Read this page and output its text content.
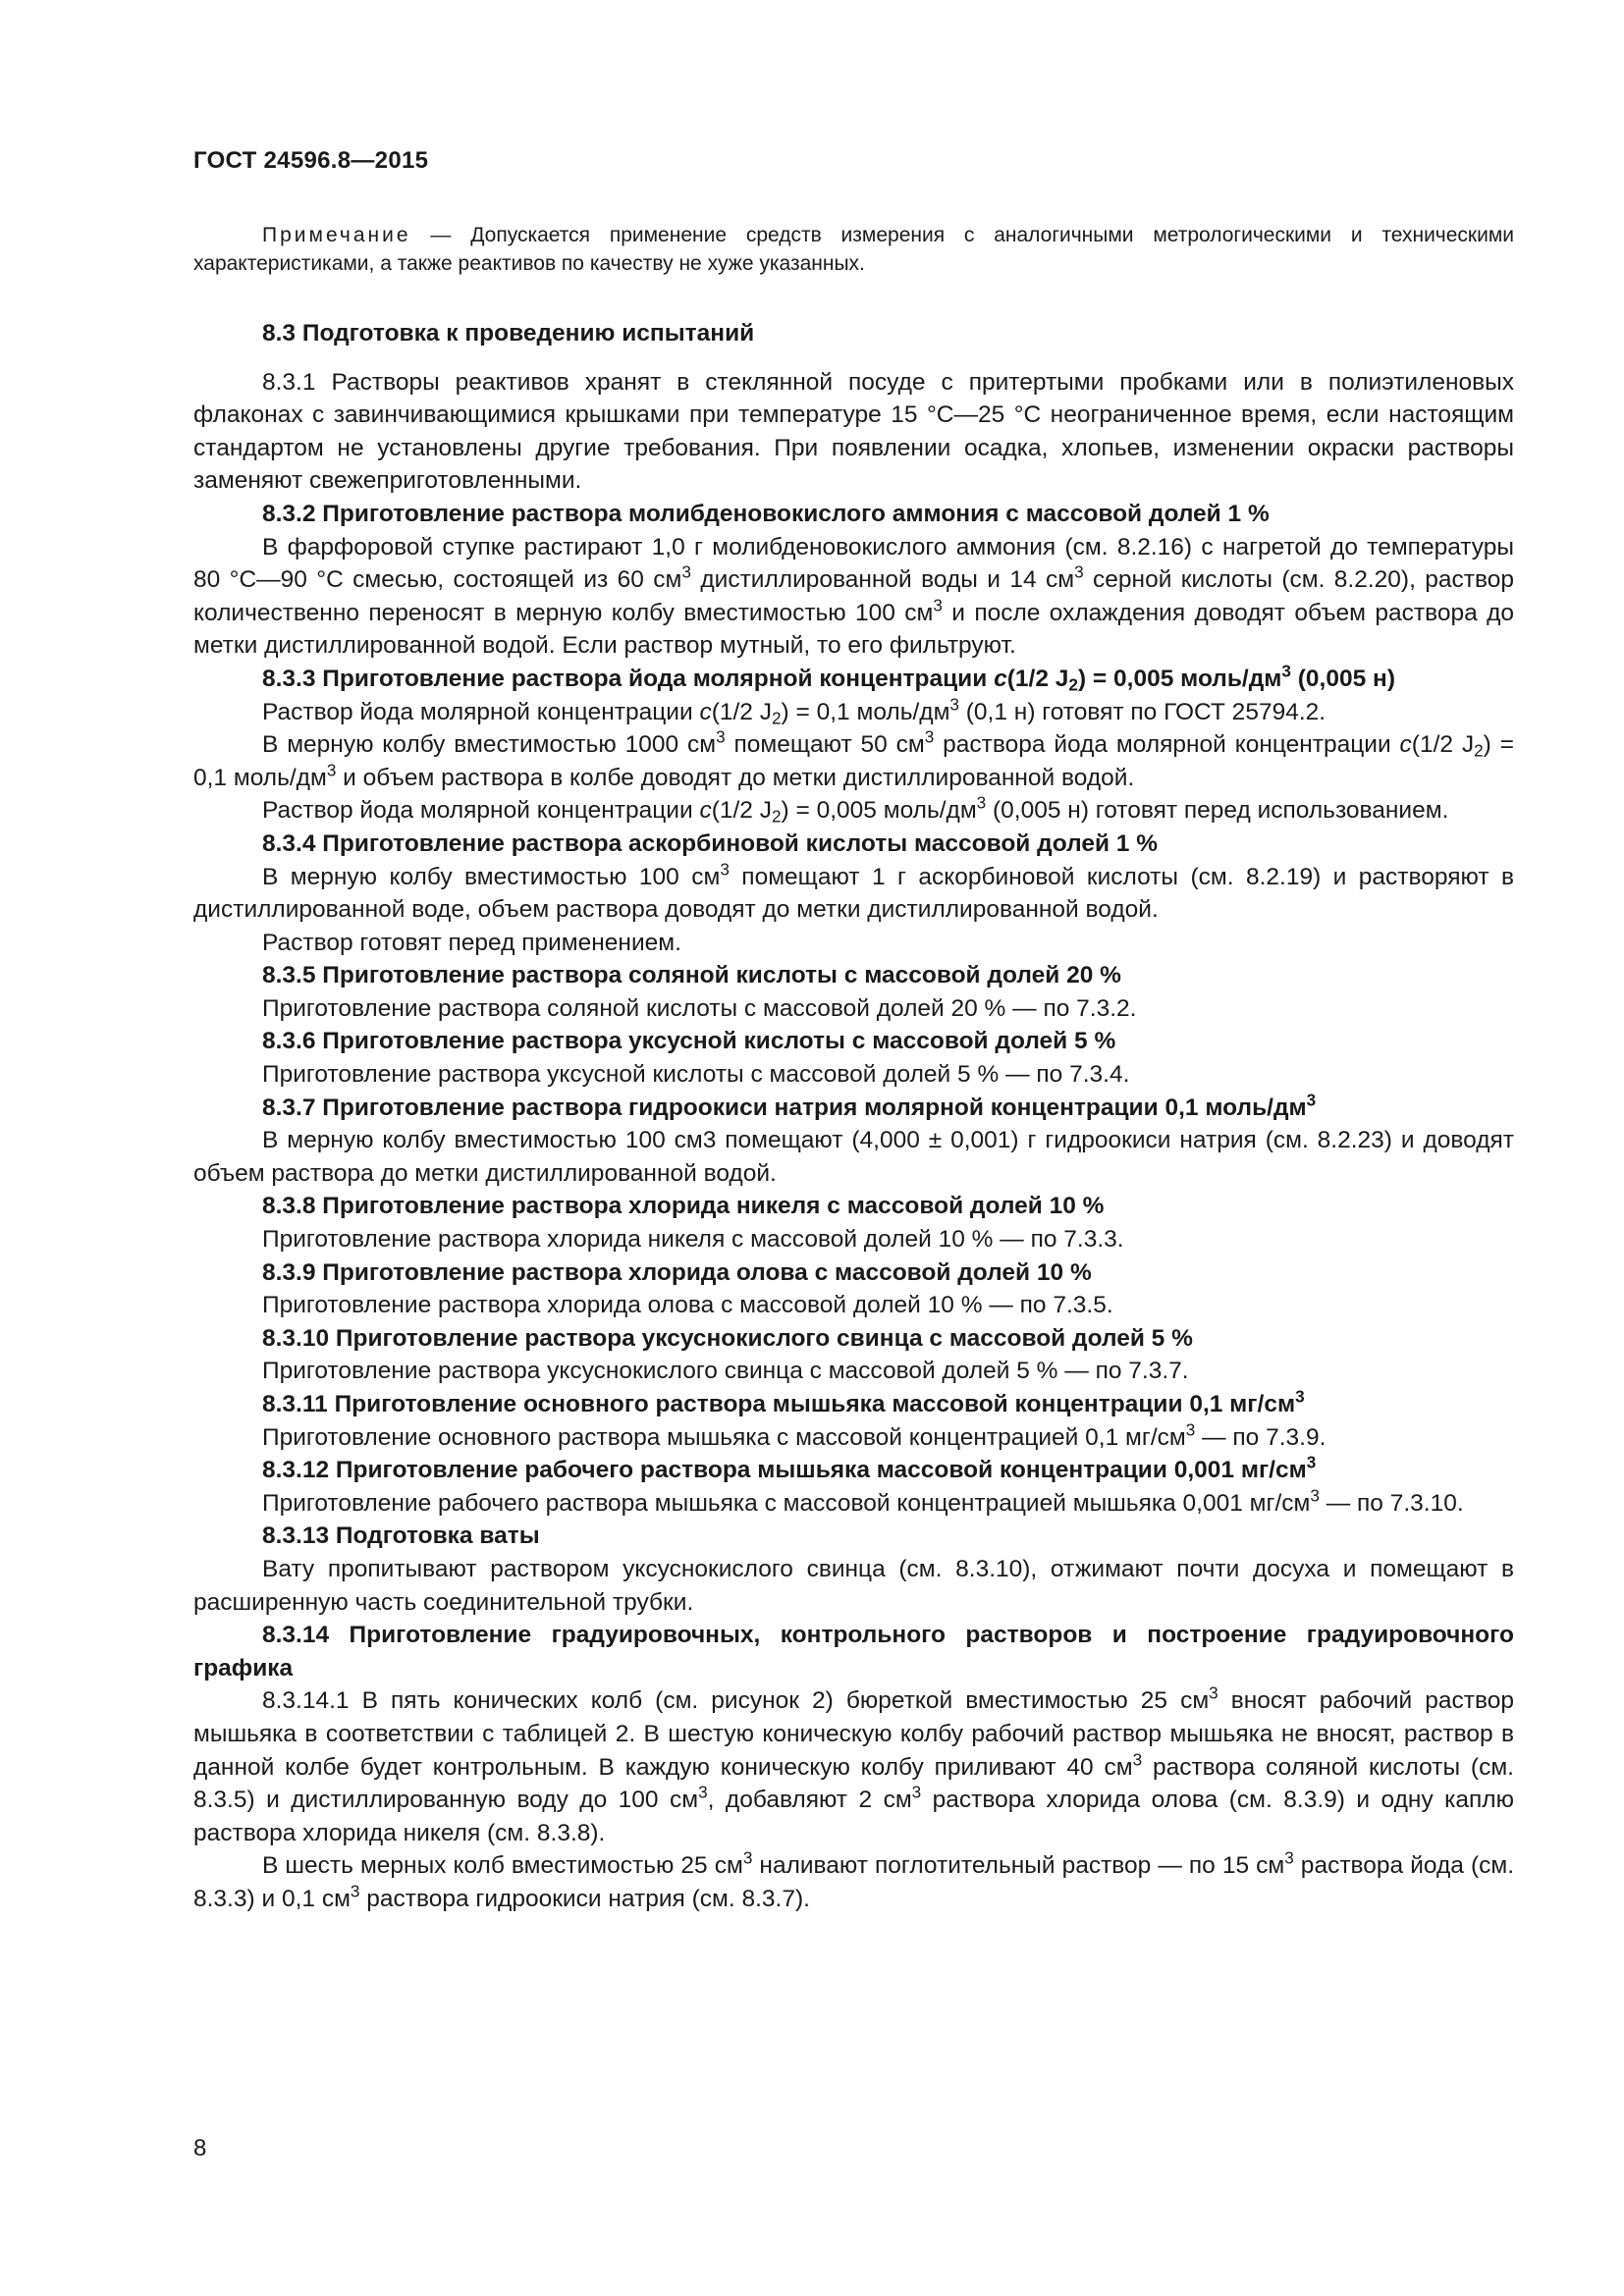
ГОСТ 24596.8—2015

Примечание — Допускается применение средств измерения с аналогичными метрологическими и техническими характеристиками, а также реактивов по качеству не хуже указанных.

8.3 Подготовка к проведению испытаний

8.3.1 Растворы реактивов хранят в стеклянной посуде с притертыми пробками или в полиэтиленовых флаконах с завинчивающимися крышками при температуре 15 °С—25 °С неограниченное время, если настоящим стандартом не установлены другие требования. При появлении осадка, хлопьев, изменении окраски растворы заменяют свежеприготовленными.

8.3.2 Приготовление раствора молибденовокислого аммония с массовой долей 1 %

В фарфоровой ступке растирают 1,0 г молибденовокислого аммония (см. 8.2.16) с нагретой до температуры 80 °С—90 °С смесью, состоящей из 60 $см^3$ дистиллированной воды и 14 $см^3$ серной кислоты (см. 8.2.20), раствор количественно переносят в мерную колбу вместимостью 100 $см^3$ и после охлаждения доводят объем раствора до метки дистиллированной водой. Если раствор мутный, то его фильтруют.

8.3.3 Приготовление раствора йода молярной концентрации c(1/2 $J_2) = 0,005$ моль/$дм^3$ (0,005 н)

Раствор йода молярной концентрации c(1/2 $J_2) = 0,1$ моль/$дм^3$ (0,1 н) готовят по ГОСТ 25794.2.

В мерную колбу вместимостью 1000 $см^3$ помещают 50 $см^3$ раствора йода молярной концентрации c(1/2 $J_2) = 0,1$ моль/$дм^3$ и объем раствора в колбе доводят до метки дистиллированной водой.

Раствор йода молярной концентрации c(1/2 $J_2) = 0,005$ моль/$дм^3$ (0,005 н) готовят перед использованием.

8.3.4 Приготовление раствора аскорбиновой кислоты массовой долей 1 %

В мерную колбу вместимостью 100 $см^3$ помещают 1 г аскорбиновой кислоты (см. 8.2.19) и растворяют в дистиллированной воде, объем раствора доводят до метки дистиллированной водой.

Раствор готовят перед применением.

8.3.5 Приготовление раствора соляной кислоты с массовой долей 20 %

Приготовление раствора соляной кислоты с массовой долей 20 % — по 7.3.2.

8.3.6 Приготовление раствора уксусной кислоты с массовой долей 5 %

Приготовление раствора уксусной кислоты с массовой долей 5 % — по 7.3.4.

8.3.7 Приготовление раствора гидроокиси натрия молярной концентрации 0,1 моль/$дм^3$

В мерную колбу вместимостью 100 см3 помещают (4,000 ± 0,001) г гидроокиси натрия (см. 8.2.23) и доводят объем раствора до метки дистиллированной водой.

8.3.8 Приготовление раствора хлорида никеля с массовой долей 10 %

Приготовление раствора хлорида никеля с массовой долей 10 % — по 7.3.3.

8.3.9 Приготовление раствора хлорида олова с массовой долей 10 %

Приготовление раствора хлорида олова с массовой долей 10 % — по 7.3.5.

8.3.10 Приготовление раствора уксуснокислого свинца с массовой долей 5 %

Приготовление раствора уксуснокислого свинца с массовой долей 5 % — по 7.3.7.

8.3.11 Приготовление основного раствора мышьяка массовой концентрации 0,1 $мг/см^3$

Приготовление основного раствора мышьяка с массовой концентрацией 0,1 $мг/см^3$ — по 7.3.9.

8.3.12 Приготовление рабочего раствора мышьяка массовой концентрации 0,001 $мг/см^3$

Приготовление рабочего раствора мышьяка с массовой концентрацией мышьяка 0,001 $мг/см^3$ — по 7.3.10.

8.3.13 Подготовка ваты

Вату пропитывают раствором уксуснокислого свинца (см. 8.3.10), отжимают почти досуха и помещают в расширенную часть соединительной трубки.

8.3.14 Приготовление градуировочных, контрольного растворов и построение градуировочного графика

8.3.14.1 В пять конических колб (см. рисунок 2) бюреткой вместимостью 25 $см^3$ вносят рабочий раствор мышьяка в соответствии с таблицей 2. В шестую коническую колбу рабочий раствор мышьяка не вносят, раствор в данной колбе будет контрольным. В каждую коническую колбу приливают 40 $см^3$ раствора соляной кислоты (см. 8.3.5) и дистиллированную воду до 100 $см^3$, добавляют 2 $см^3$ раствора хлорида олова (см. 8.3.9) и одну каплю раствора хлорида никеля (см. 8.3.8).

В шесть мерных колб вместимостью 25 $см^3$ наливают поглотительный раствор — по 15 $см^3$ раствора йода (см. 8.3.3) и 0,1 $см^3$ раствора гидроокиси натрия (см. 8.3.7).

8
